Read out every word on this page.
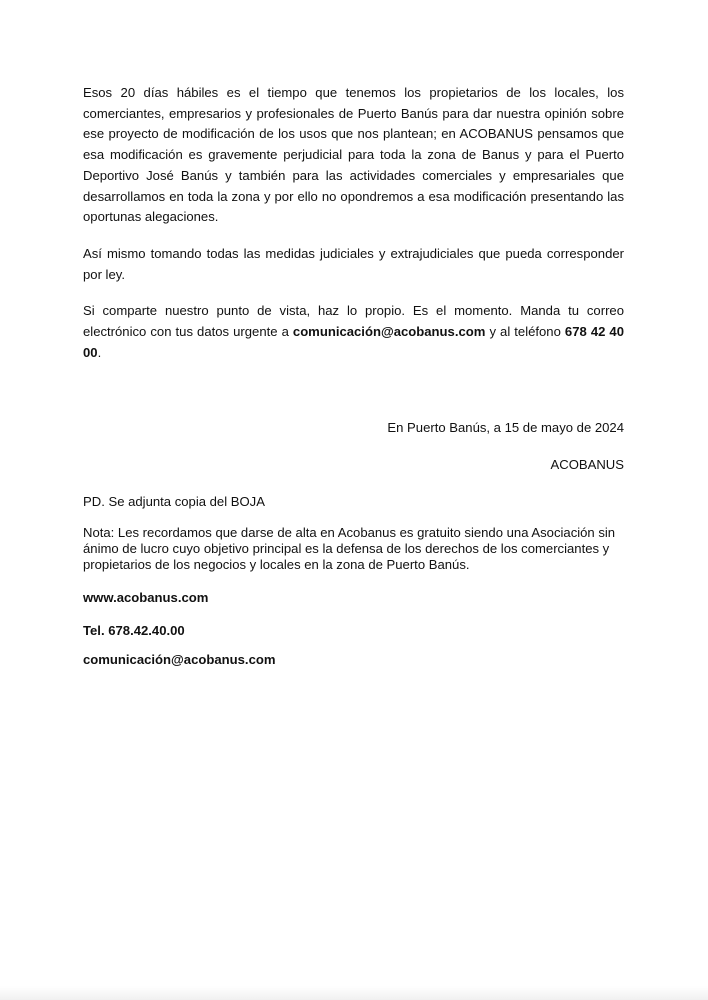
Esos 20 días hábiles es el tiempo que tenemos los propietarios de los locales, los comerciantes, empresarios y profesionales de Puerto Banús para dar nuestra opinión sobre ese proyecto de modificación de los usos que nos plantean; en ACOBANUS pensamos que esa modificación es gravemente perjudicial para toda la zona de Banus y para el Puerto Deportivo José Banús y también para las actividades comerciales y empresariales que desarrollamos en toda la zona y por ello no opondremos a esa modificación presentando las oportunas alegaciones.

Así mismo tomando todas las medidas judiciales y extrajudiciales que pueda corresponder por ley.

Si comparte nuestro punto de vista, haz lo propio. Es el momento. Manda tu correo electrónico con tus datos urgente a comunicación@acobanus.com y al teléfono 678 42 40 00.

En Puerto Banús, a 15 de mayo de 2024
ACOBANUS
PD. Se adjunta copia del BOJA
Nota: Les recordamos que darse de alta en Acobanus es gratuito siendo una Asociación sin ánimo de lucro cuyo objetivo principal es la defensa de los derechos de los comerciantes y propietarios de los negocios y locales en la zona de Puerto Banús.
www.acobanus.com
Tel. 678.42.40.00
comunicación@acobanus.com
